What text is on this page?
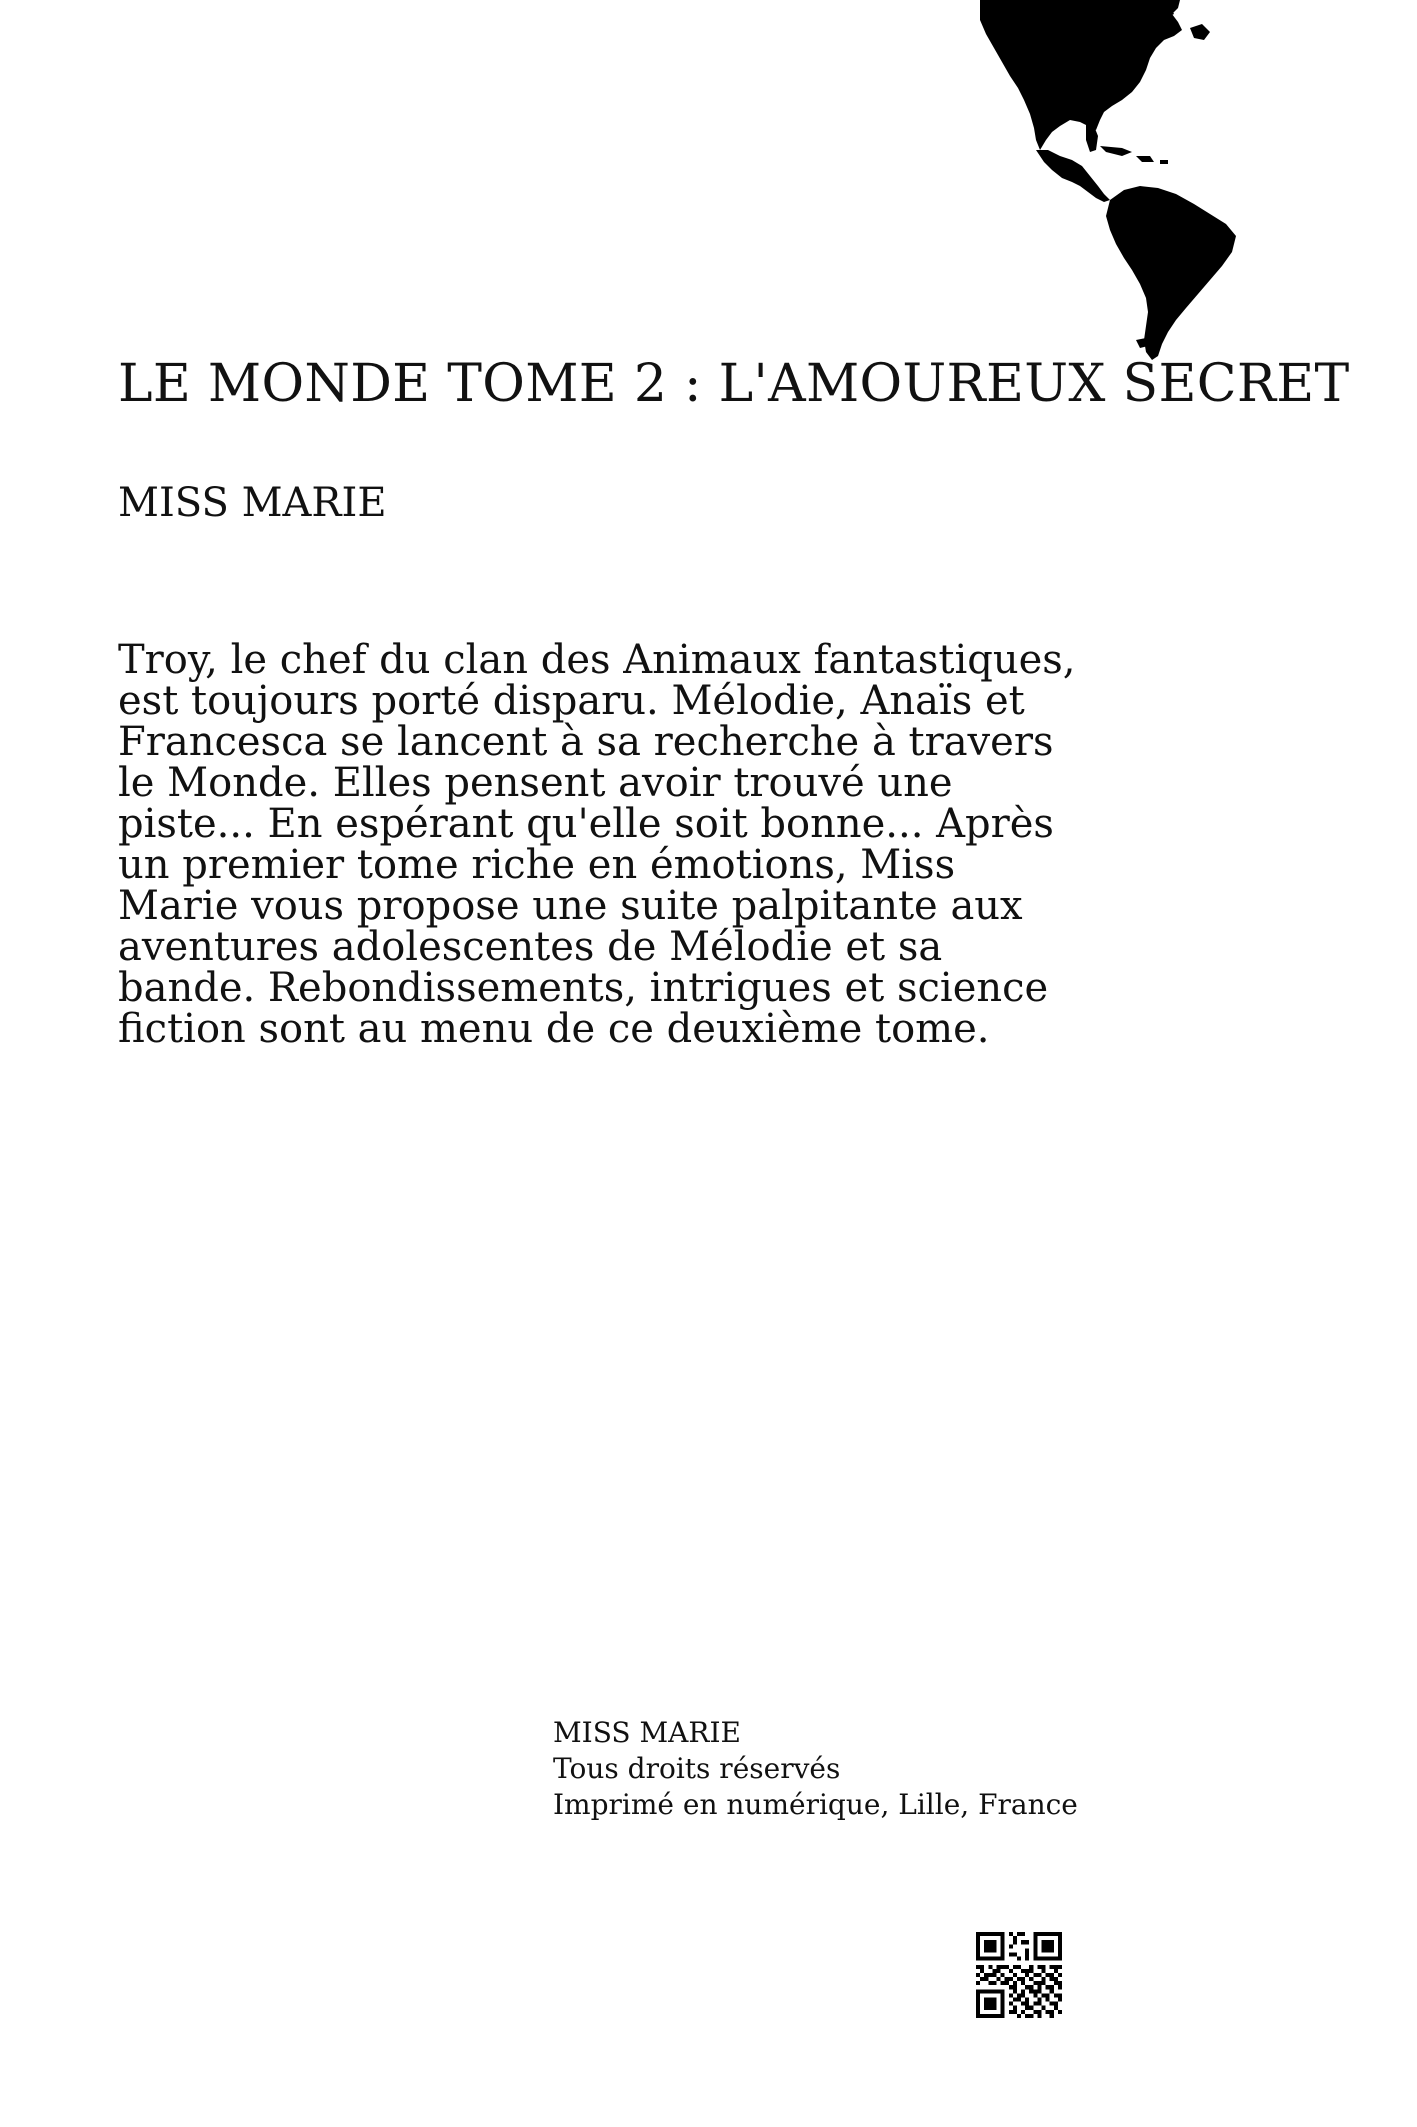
LE MONDE TOME 2 : L'AMOUREUX SECRET
MISS MARIE

Troy, le chef du clan des Animaux fantastiques, est toujours porté disparu. Mélodie, Anaïs et Francesca se lancent à sa recherche à travers le Monde. Elles pensent avoir trouvé une piste... En espérant qu'elle soit bonne... Après un premier tome riche en émotions, Miss Marie vous propose une suite palpitante aux aventures adolescentes de Mélodie et sa bande. Rebondissements, intrigues et science fiction sont au menu de ce deuxième tome.

MISS MARIE
Tous droits réservés
Imprimé en numérique, Lille, France
